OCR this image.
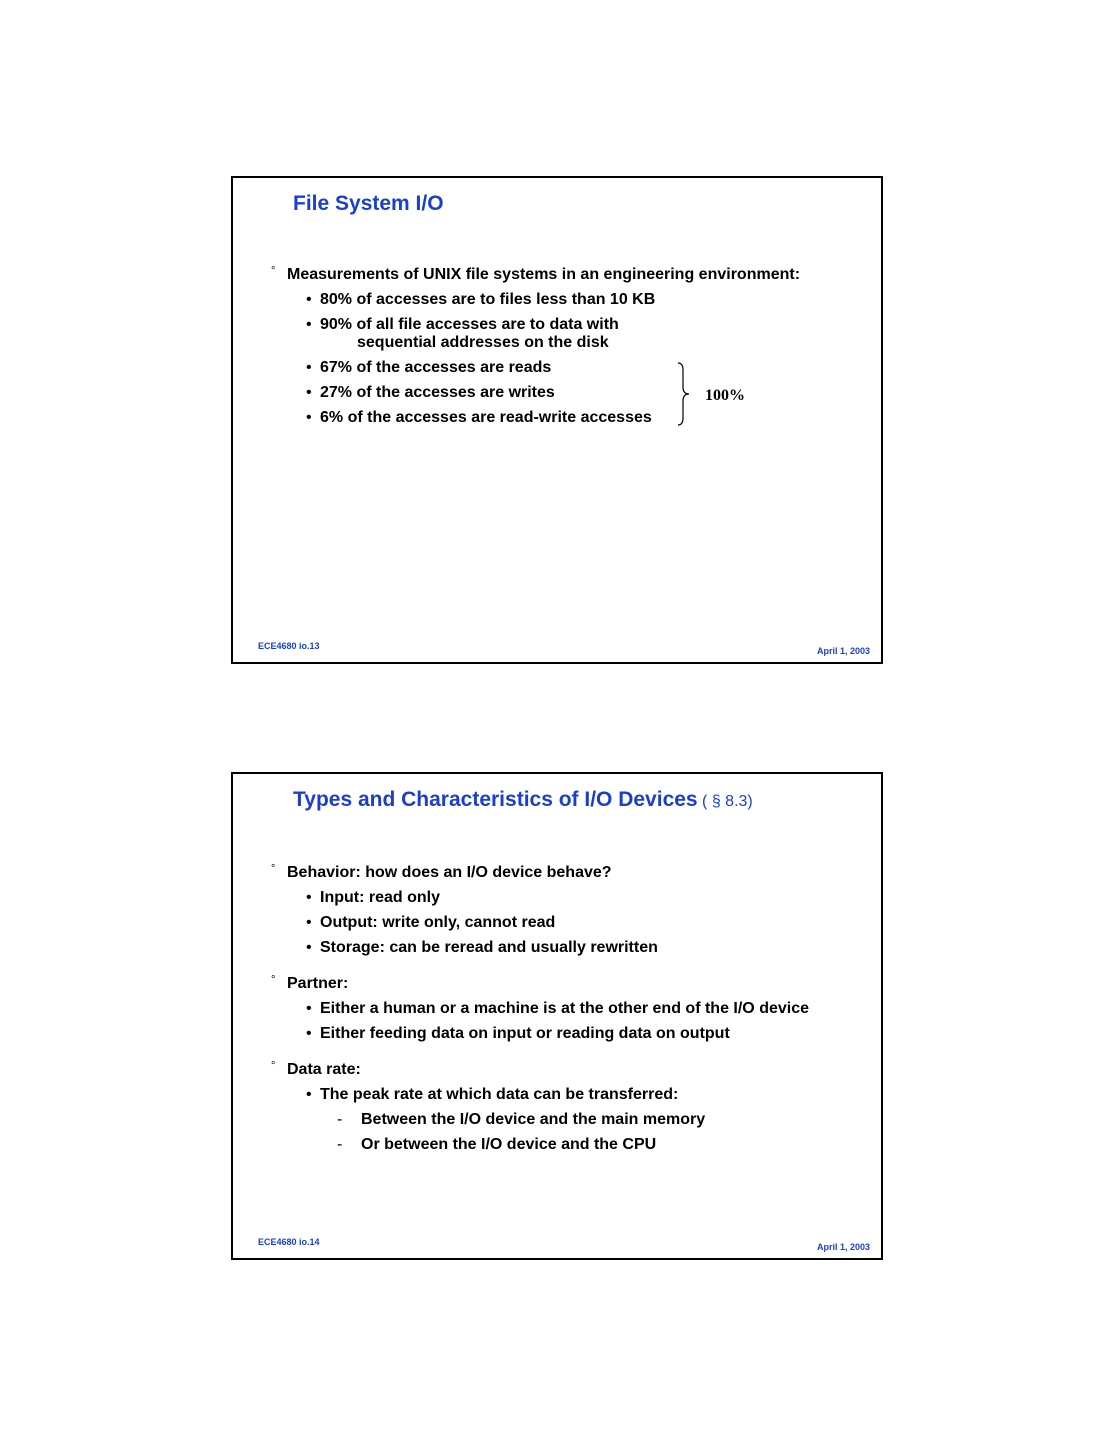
File System I/O
° Measurements of UNIX file systems in an engineering environment:
• 80% of accesses are to files less than 10 KB
• 90% of all file accesses are to data with
sequential addresses on the disk
• 67% of the accesses are reads
• 27% of the accesses are writes
• 6% of the accesses are read-write accesses
100%
ECE4680 io.13	April 1, 2003
Types and Characteristics of I/O Devices ( § 8.3)
° Behavior: how does an I/O device behave?
• Input: read only
• Output: write only, cannot read
• Storage: can be reread and usually rewritten
° Partner:
• Either a human or a machine is at the other end of the I/O device
• Either feeding data on input or reading data on output
° Data rate:
• The peak rate at which data can be transferred:
- Between the I/O device and the main memory
- Or between the I/O device and the CPU
ECE4680 io.14	April 1, 2003
